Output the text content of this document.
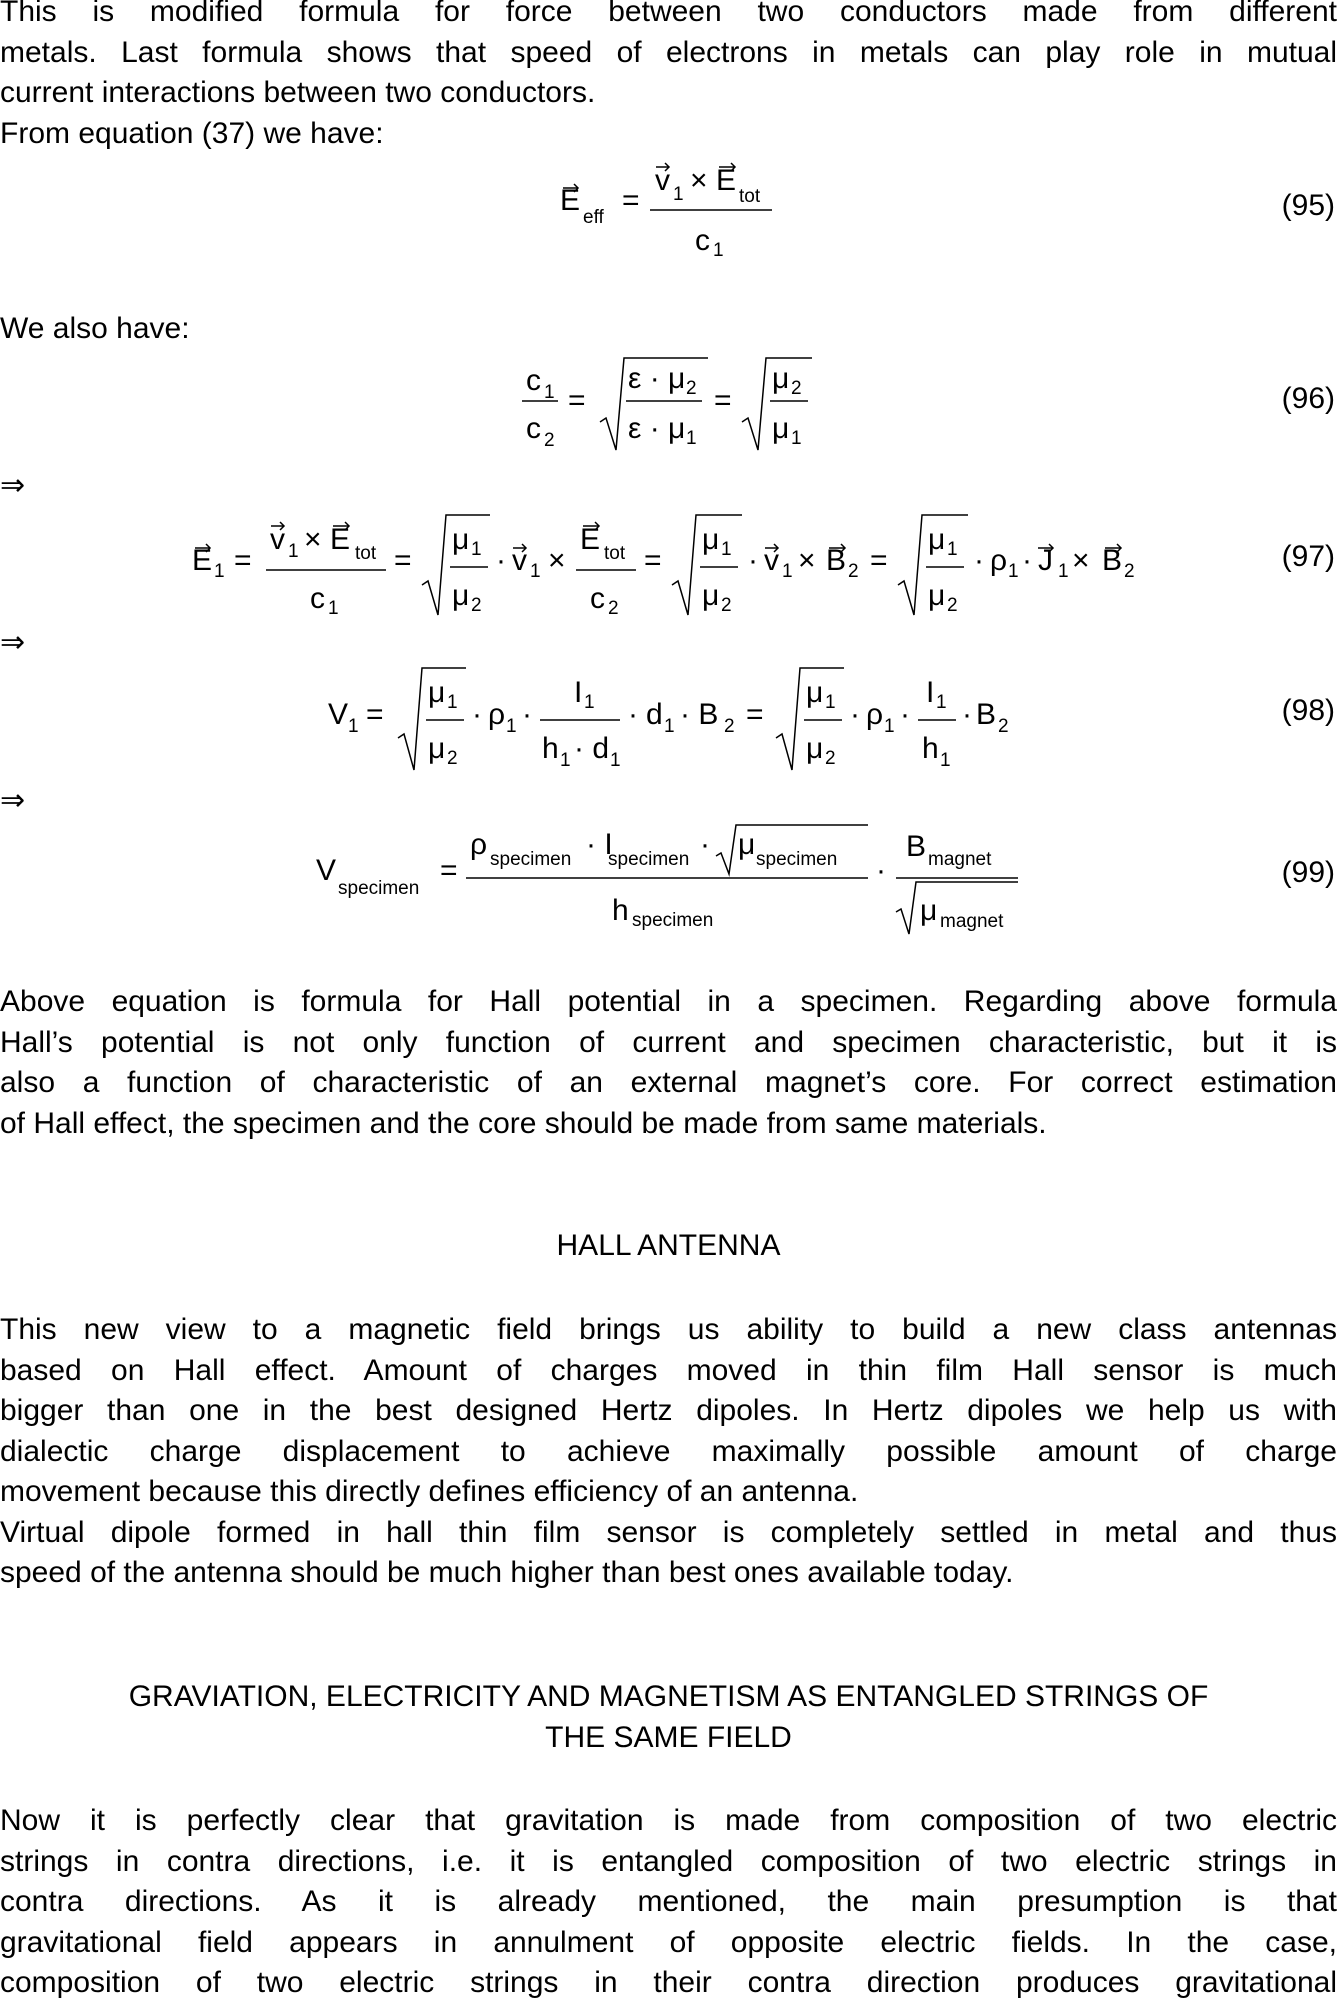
This is modified formula for force between two conductors made from different
metals. Last formula shows that speed of electrons in metals can play role in mutual
current interactions between two conductors.
From equation (37) we have:
E
eff
=
v 1 × E tot
c 1
(95)
We also have:
c 1
c 2
=
ε · μ 2
ε · μ 1
=
μ 2
μ 1
(96)
⇒
E 1 =
v 1 × E tot
c 1
=
μ 1
μ 2
· v 1 ×
E tot
c 2
=
μ 1
μ 2
· v 1 × B 2 =
μ 1
μ 2
· ρ 1 · J 1 × B 2	(97)
⇒
V 1 =
μ 1
μ 2
· ρ 1 ·
I 1
h 1 · d 1
· d 1 · B 2 =
μ 1
μ 2
· ρ 1 ·
I 1
h 1
· B 2	(98)
⇒
V
specimen
=
ρ specimen · I
specimen · μ specimen
h specimen
·
B magnet
μ magnet
(99)
Above equation is formula for Hall potential in a specimen. Regarding above formula
Hall’s potential is not only function of current and specimen characteristic, but it is
also a function of characteristic of an external magnet’s core. For correct estimation
of Hall effect, the specimen and the core should be made from same materials.
HALL ANTENNA
This new view to a magnetic field brings us ability to build a new class antennas
based on Hall effect. Amount of charges moved in thin film Hall sensor is much
bigger than one in the best designed Hertz dipoles. In Hertz dipoles we help us with
dialectic charge displacement to achieve maximally possible amount of charge
movement because this directly defines efficiency of an antenna.
Virtual dipole formed in hall thin film sensor is completely settled in metal and thus
speed of the antenna should be much higher than best ones available today.
GRAVIATION, ELECTRICITY AND MAGNETISM AS ENTANGLED STRINGS OF
THE SAME FIELD
Now it is perfectly clear that gravitation is made from composition of two electric
strings in contra directions, i.e. it is entangled composition of two electric strings in
contra directions. As it is already mentioned, the main presumption is that
gravitational field appears in annulment of opposite electric fields. In the case,
composition of two electric strings in their contra direction produces gravitational
